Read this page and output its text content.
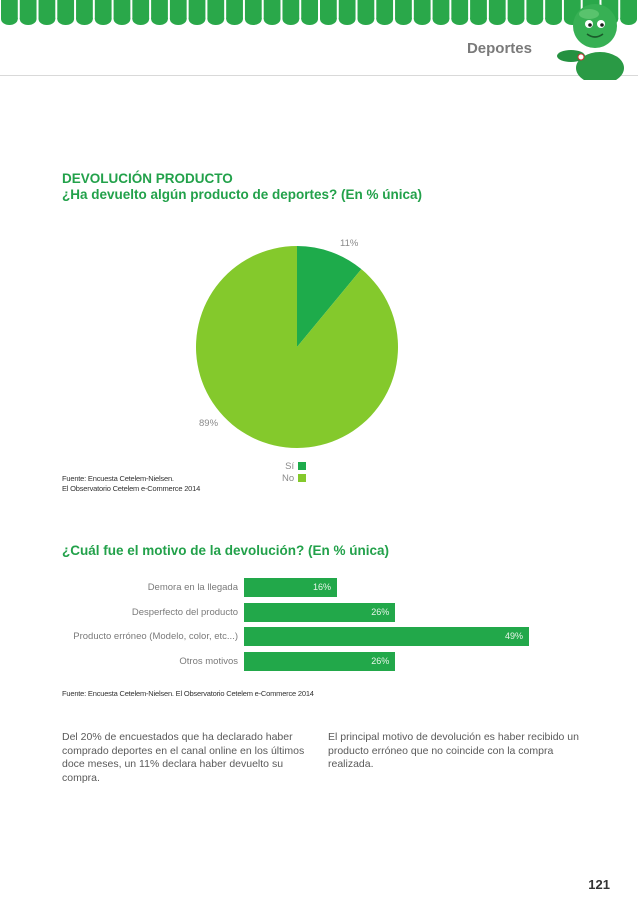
Deportes
DEVOLUCIÓN PRODUCTO
¿Ha devuelto algún producto de deportes? (En % única)
11%
89%
Sí
No
Fuente: Encuesta Cetelem-Nielsen.
El Observatorio Cetelem e-Commerce 2014
¿Cuál fue el motivo de la devolución? (En % única)
Demora en la llegada	16%
Desperfecto del producto	26%
Producto erróneo (Modelo, color, etc...)	49%
Otros motivos	26%
Fuente: Encuesta Cetelem-Nielsen. El Observatorio Cetelem e-Commerce 2014
Del 20% de encuestados que ha declarado haber comprado deportes en el canal online en los últimos doce meses, un 11% declara haber devuelto su compra.
El principal motivo de devolución es haber recibido un producto erróneo que no coincide con la compra realizada.
121
